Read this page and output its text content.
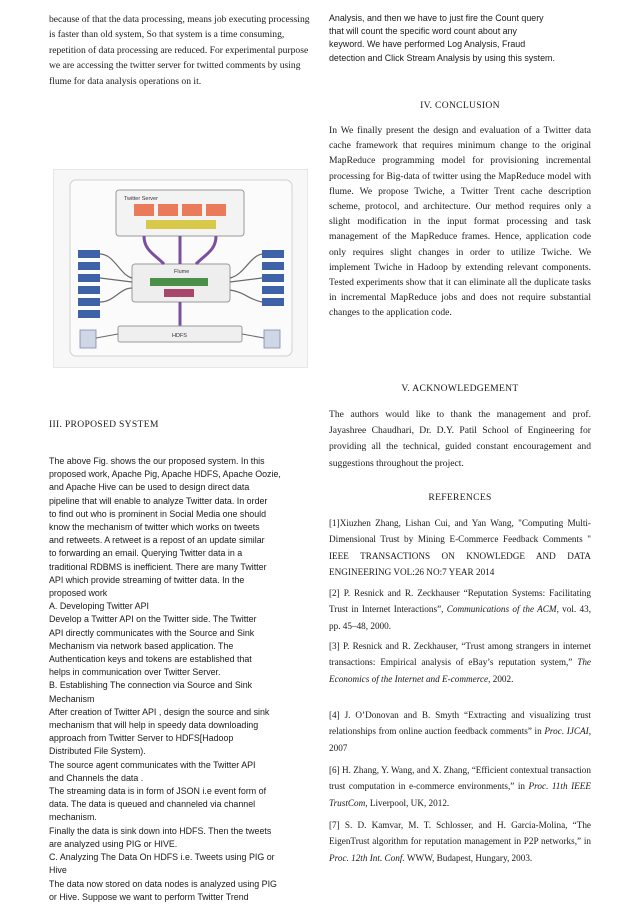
because of that the data processing, means job executing processing is faster than old system, So that system is a time consuming, repetition of data processing are reduced. For experimental purpose we are accessing the twitter server for twitted comments by using flume for data analysis operations on it.

Twitter Server
Flume
HDFS

III. PROPOSED SYSTEM

The above Fig. shows the our proposed system. In this
proposed work, Apache Pig, Apache HDFS, Apache Oozie,
and Apache Hive can be used to design direct data
pipeline that will enable to analyze Twitter data. In order
to find out who is prominent in Social Media one should
know the mechanism of twitter which works on tweets
and retweets. A retweet is a repost of an update similar
to forwarding an email. Querying Twitter data in a
traditional RDBMS is inefficient. There are many Twitter
API which provide streaming of twitter data. In the
proposed work
A. Developing Twitter API
Develop a Twitter API on the Twitter side. The Twitter
API directly communicates with the Source and Sink
Mechanism via network based application. The
Authentication keys and tokens are established that
helps in communication over Twitter Server.
B. Establishing The connection via Source and Sink
Mechanism
After creation of Twitter API , design the source and sink
mechanism that will help in speedy data downloading
approach from Twitter Server to HDFS[Hadoop
Distributed File System).
The source agent communicates with the Twitter API
and Channels the data .
The streaming data is in form of JSON i.e event form of
data. The data is queued and channeled via channel
mechanism.
Finally the data is sink down into HDFS. Then the tweets
are analyzed using PIG or HIVE.
C. Analyzing The Data On HDFS i.e. Tweets using PIG or
Hive
The data now stored on data nodes is analyzed using PIG
or Hive. Suppose we want to perform Twitter Trend
Analysis, and then we have to just fire the Count query
that will count the specific word count about any
keyword. We have performed Log Analysis, Fraud
detection and Click Stream Analysis by using this system.

IV. CONCLUSION

In We finally present the design and evaluation of a Twitter data cache framework that requires minimum change to the original MapReduce programming model for provisioning incremental processing for Big-data of twitter using the MapReduce model with flume. We propose Twiche, a Twitter Trent cache description scheme, protocol, and architecture. Our method requires only a slight modification in the input format processing and task management of the MapReduce frames. Hence, application code only requires slight changes in order to utilize Twiche. We implement Twiche in Hadoop by extending relevant components. Tested experiments show that it can eliminate all the duplicate tasks in incremental MapReduce jobs and does not require substantial changes to the application code.

V. ACKNOWLEDGEMENT

The authors would like to thank the management and prof. Jayashree Chaudhari, Dr. D.Y. Patil School of Engineering for providing all the technical, guided constant encouragement and suggestions throughout the project.

REFERENCES

[1]Xiuzhen Zhang, Lishan Cui, and Yan Wang, "Computing Multi-Dimensional Trust by Mining E-Commerce Feedback Comments " IEEE TRANSACTIONS ON KNOWLEDGE AND DATA ENGINEERING VOL:26 NO:7 YEAR 2014

[2] P. Resnick and R. Zeckhauser “Reputation Systems: Facilitating Trust in Internet Interactions”, Communications of the ACM, vol. 43, pp. 45–48, 2000.

[3] P. Resnick and R. Zeckhauser, “Trust among strangers in internet transactions: Empirical analysis of eBay’s reputation system,” The Economics of the Internet and E-commerce, 2002.

[4] J. O’Donovan and B. Smyth “Extracting and visualizing trust relationships from online auction feedback comments” in Proc. IJCAI, 2007

[6] H. Zhang, Y. Wang, and X. Zhang, “Efficient contextual transaction trust computation in e-commerce environments,” in Proc. 11th IEEE TrustCom, Liverpool, UK, 2012.

[7] S. D. Kamvar, M. T. Schlosser, and H. Garcia-Molina, “The EigenTrust algorithm for reputation management in P2P networks,” in Proc. 12th Int. Conf. WWW, Budapest, Hungary, 2003.
